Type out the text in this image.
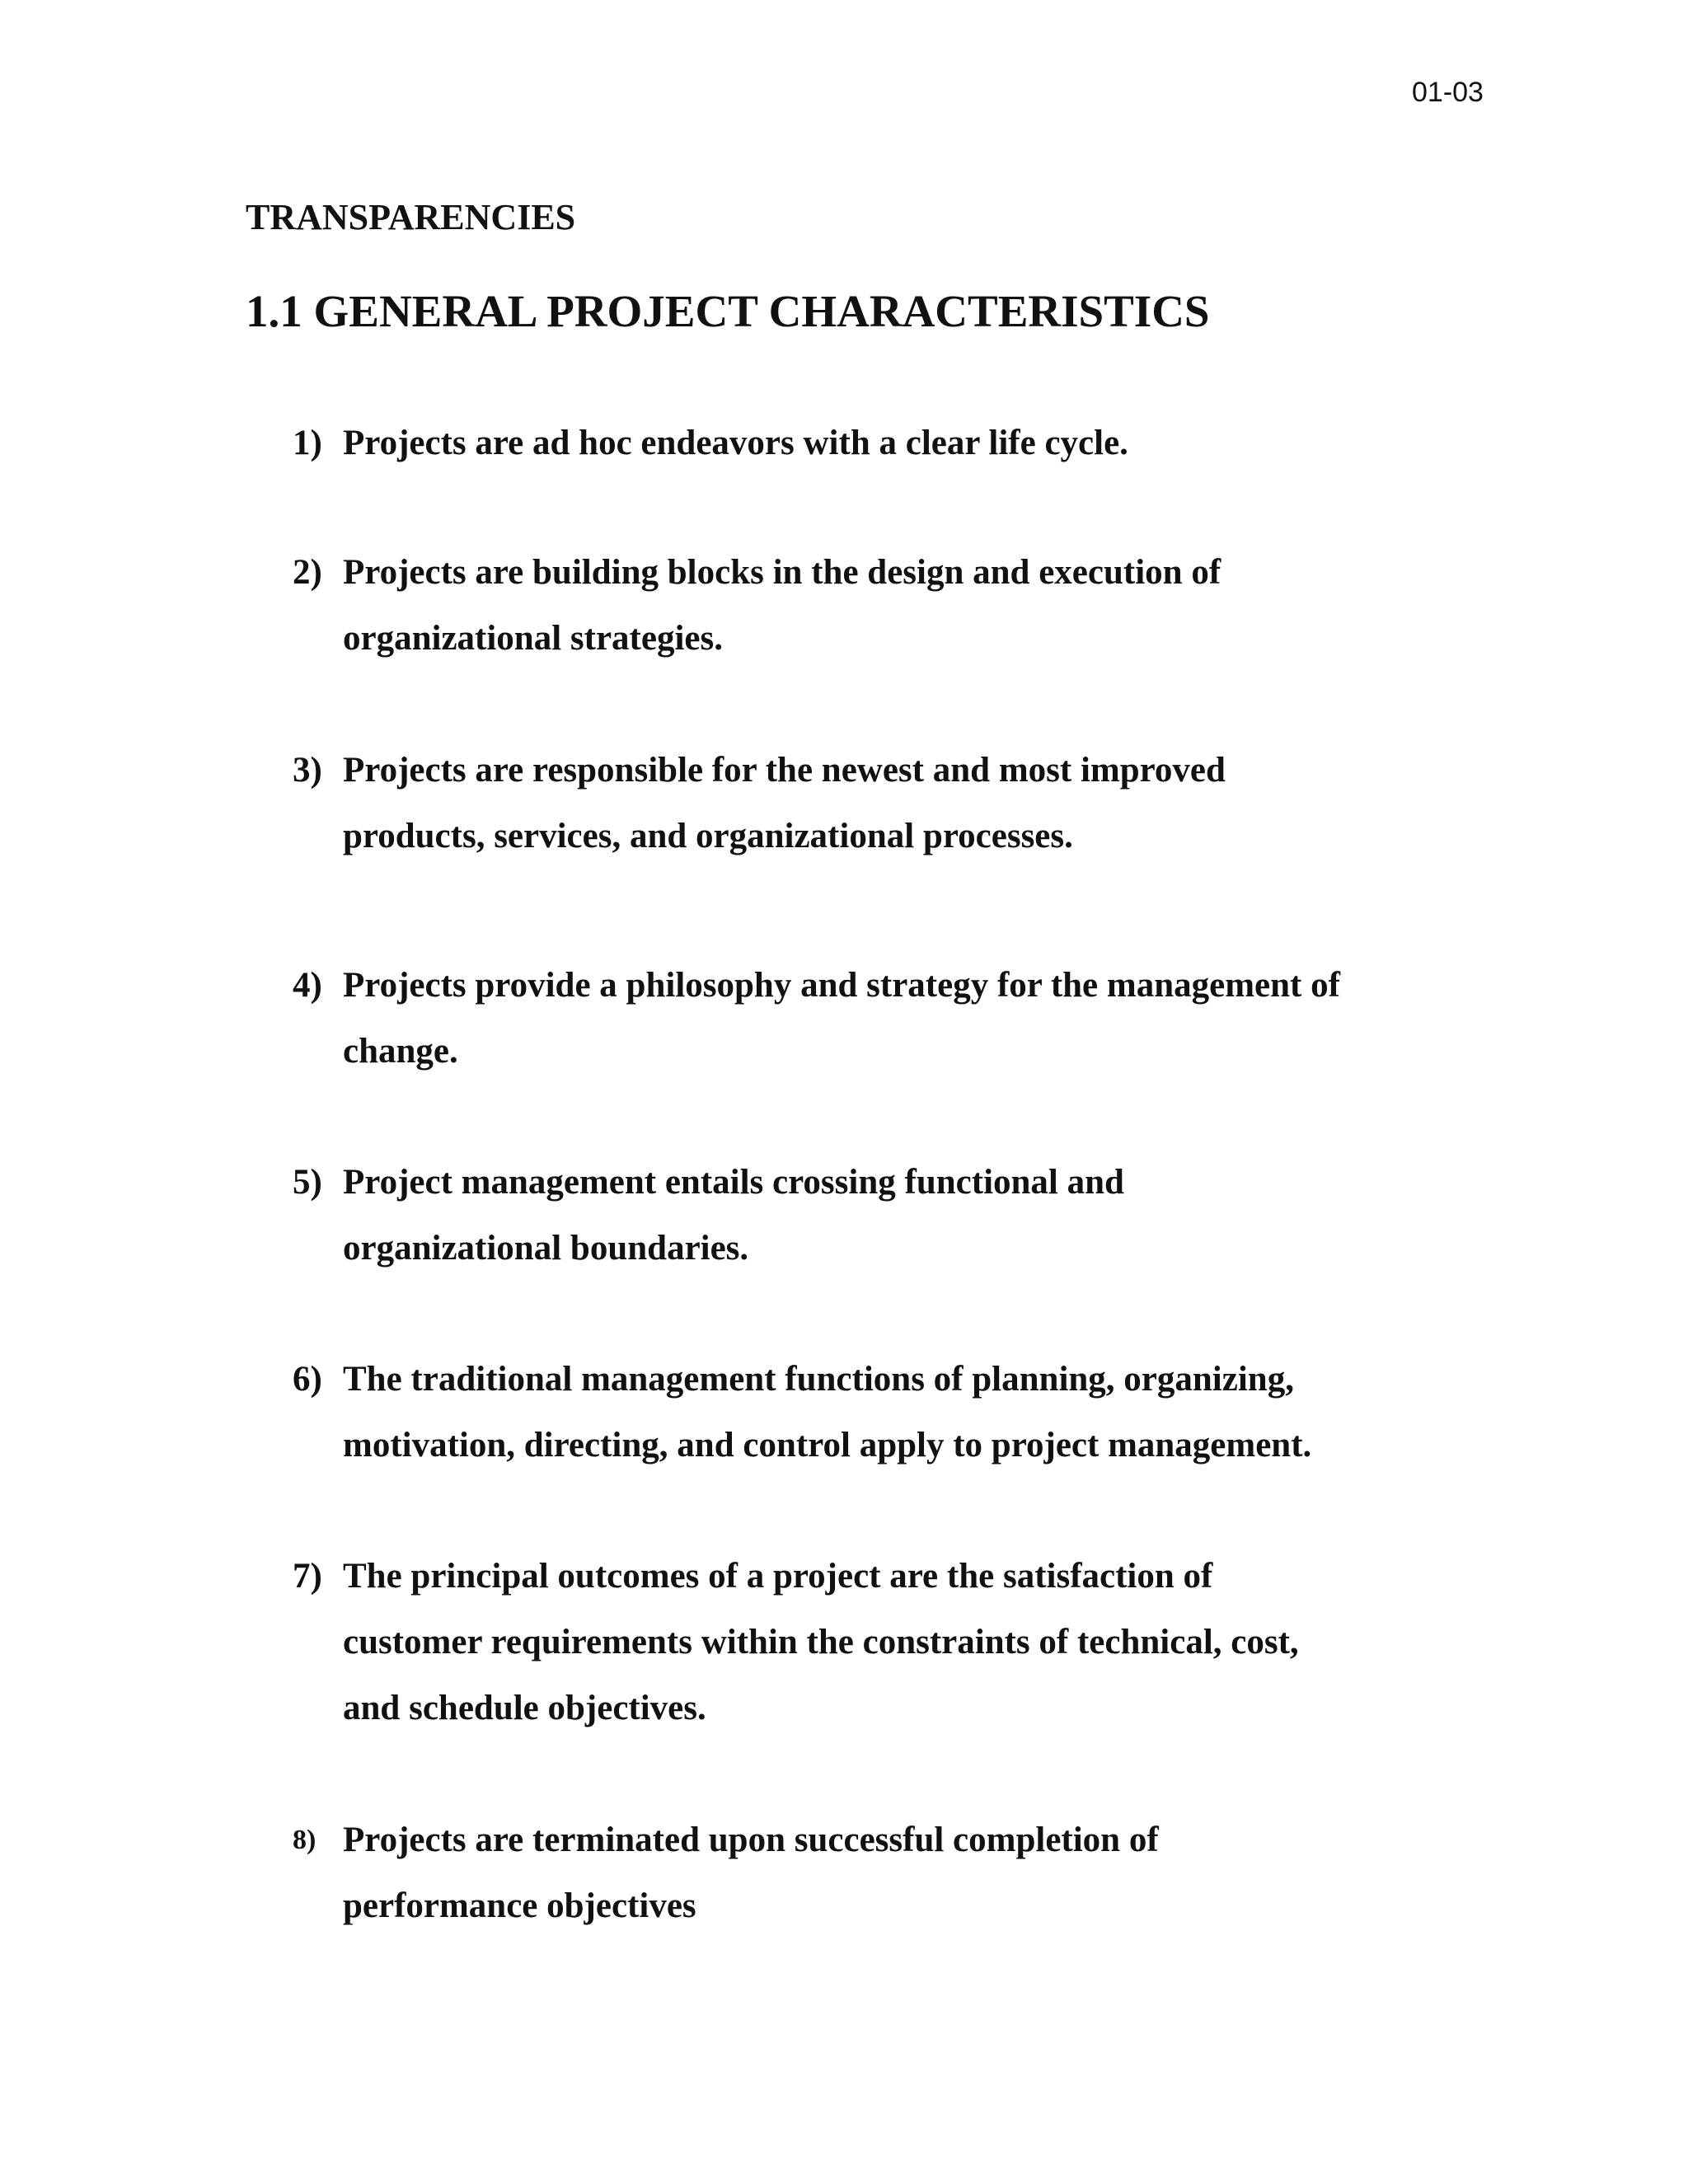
01-03
TRANSPARENCIES
1.1 GENERAL PROJECT CHARACTERISTICS
1) Projects are ad hoc endeavors with a clear life cycle.
2) Projects are building blocks in the design and execution of
organizational strategies.
3) Projects are responsible for the newest and most improved
products, services, and organizational processes.
4) Projects provide a philosophy and strategy for the management of
change.
5) Project management entails crossing functional and
organizational boundaries.
6) The traditional management functions of planning, organizing,
motivation, directing, and control apply to project management.
7) The principal outcomes of a project are the satisfaction of
customer requirements within the constraints of technical, cost,
and schedule objectives.
8) Projects are terminated upon successful completion of
performance objectives
